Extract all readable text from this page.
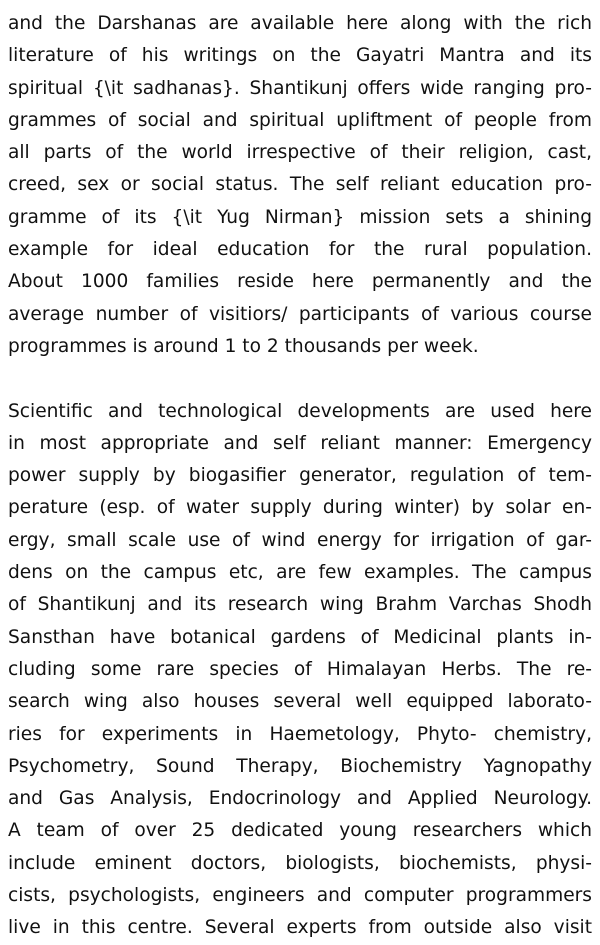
and the Darshanas are available here along with the rich
literature of his writings on the Gayatri Mantra and its
spiritual {\it sadhanas}. Shantikunj offers wide ranging pro-
grammes of social and spiritual upliftment of people from
all parts of the world irrespective of their religion, cast,
creed, sex or social status. The self reliant education pro-
gramme of its {\it Yug Nirman} mission sets a shining
example for ideal education for the rural population.
About 1000 families reside here permanently and the
average number of visitiors/ participants of various course
programmes is around 1 to 2 thousands per week.
Scientific and technological developments are used here
in most appropriate and self reliant manner: Emergency
power supply by biogasifier generator, regulation of tem-
perature (esp. of water supply during winter) by solar en-
ergy, small scale use of wind energy for irrigation of gar-
dens on the campus etc, are few examples. The campus
of Shantikunj and its research wing Brahm Varchas Shodh
Sansthan have botanical gardens of Medicinal plants in-
cluding some rare species of Himalayan Herbs. The re-
search wing also houses several well equipped laborato-
ries for experiments in Haemetology, Phyto- chemistry,
Psychometry, Sound Therapy, Biochemistry Yagnopathy
and Gas Analysis, Endocrinology and Applied Neurology.
A team of over 25 dedicated young researchers which
include eminent doctors, biologists, biochemists, physi-
cists, psychologists, engineers and computer programmers
live in this centre. Several experts from outside also visit
